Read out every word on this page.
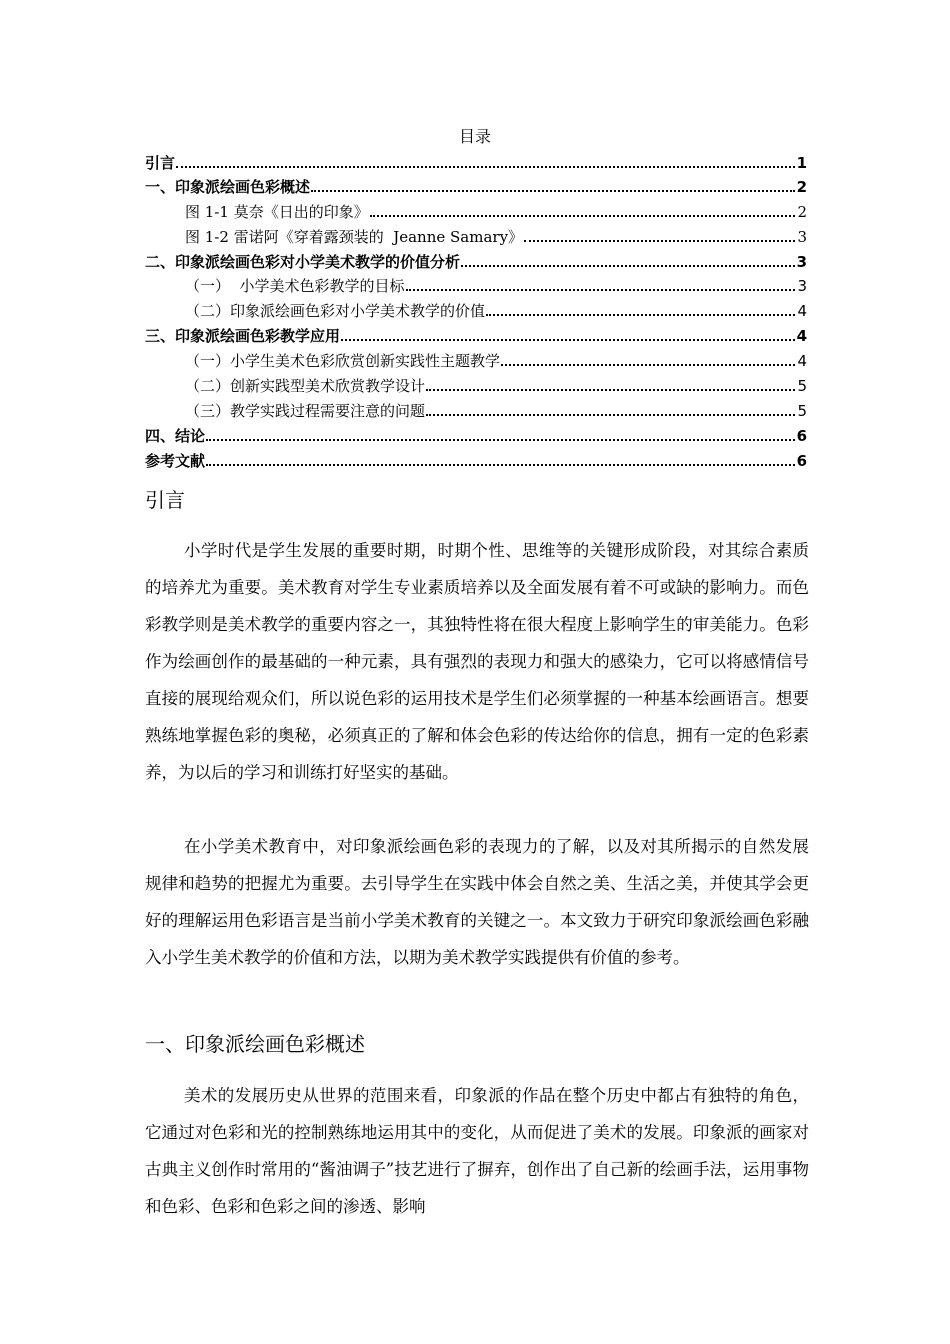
目录
引言	1
一、印象派绘画色彩概述	2
图 1-1 莫奈《日出的印象》	2
图 1-2 雷诺阿《穿着露颈装的  Jeanne Samary》	3
二、印象派绘画色彩对小学美术教学的价值分析	3
（一）  小学美术色彩教学的目标	3
（二）印象派绘画色彩对小学美术教学的价值	4
三、印象派绘画色彩教学应用	4
（一）小学生美术色彩欣赏创新实践性主题教学	4
（二）创新实践型美术欣赏教学设计	5
（三）教学实践过程需要注意的问题	5
四、结论	6
参考文献	6
引言

小学时代是学生发展的重要时期，时期个性、思维等的关键形成阶段，对其综合素质的培养尤为重要。美术教育对学生专业素质培养以及全面发展有着不可或缺的影响力。而色彩教学则是美术教学的重要内容之一，其独特性将在很大程度上影响学生的审美能力。色彩作为绘画创作的最基础的一种元素，具有强烈的表现力和强大的感染力，它可以将感情信号直接的展现给观众们，所以说色彩的运用技术是学生们必须掌握的一种基本绘画语言。想要熟练地掌握色彩的奥秘，必须真正的了解和体会色彩的传达给你的信息，拥有一定的色彩素养，为以后的学习和训练打好坚实的基础。

在小学美术教育中，对印象派绘画色彩的表现力的了解，以及对其所揭示的自然发展规律和趋势的把握尤为重要。去引导学生在实践中体会自然之美、生活之美，并使其学会更好的理解运用色彩语言是当前小学美术教育的关键之一。本文致力于研究印象派绘画色彩融入小学生美术教学的价值和方法，以期为美术教学实践提供有价值的参考。

一、印象派绘画色彩概述

美术的发展历史从世界的范围来看，印象派的作品在整个历史中都占有独特的角色，它通过对色彩和光的控制熟练地运用其中的变化，从而促进了美术的发展。印象派的画家对古典主义创作时常用的“酱油调子”技艺进行了摒弃，创作出了自己新的绘画手法，运用事物和色彩、色彩和色彩之间的渗透、影响
